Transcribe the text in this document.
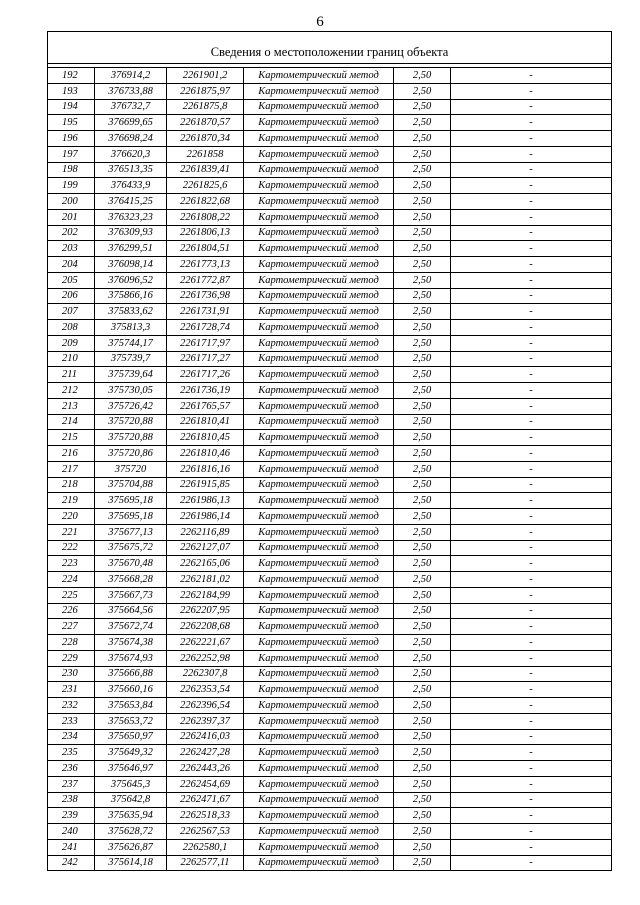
6
Сведения о местоположении границ объекта					

192	376914,2	2261901,2	Картометрический метод	2,50	-
193	376733,88	2261875,97	Картометрический метод	2,50	-
194	376732,7	2261875,8	Картометрический метод	2,50	-
195	376699,65	2261870,57	Картометрический метод	2,50	-
196	376698,24	2261870,34	Картометрический метод	2,50	-
197	376620,3	2261858	Картометрический метод	2,50	-
198	376513,35	2261839,41	Картометрический метод	2,50	-
199	376433,9	2261825,6	Картометрический метод	2,50	-
200	376415,25	2261822,68	Картометрический метод	2,50	-
201	376323,23	2261808,22	Картометрический метод	2,50	-
202	376309,93	2261806,13	Картометрический метод	2,50	-
203	376299,51	2261804,51	Картометрический метод	2,50	-
204	376098,14	2261773,13	Картометрический метод	2,50	-
205	376096,52	2261772,87	Картометрический метод	2,50	-
206	375866,16	2261736,98	Картометрический метод	2,50	-
207	375833,62	2261731,91	Картометрический метод	2,50	-
208	375813,3	2261728,74	Картометрический метод	2,50	-
209	375744,17	2261717,97	Картометрический метод	2,50	-
210	375739,7	2261717,27	Картометрический метод	2,50	-
211	375739,64	2261717,26	Картометрический метод	2,50	-
212	375730,05	2261736,19	Картометрический метод	2,50	-
213	375726,42	2261765,57	Картометрический метод	2,50	-
214	375720,88	2261810,41	Картометрический метод	2,50	-
215	375720,88	2261810,45	Картометрический метод	2,50	-
216	375720,86	2261810,46	Картометрический метод	2,50	-
217	375720	2261816,16	Картометрический метод	2,50	-
218	375704,88	2261915,85	Картометрический метод	2,50	-
219	375695,18	2261986,13	Картометрический метод	2,50	-
220	375695,18	2261986,14	Картометрический метод	2,50	-
221	375677,13	2262116,89	Картометрический метод	2,50	-
222	375675,72	2262127,07	Картометрический метод	2,50	-
223	375670,48	2262165,06	Картометрический метод	2,50	-
224	375668,28	2262181,02	Картометрический метод	2,50	-
225	375667,73	2262184,99	Картометрический метод	2,50	-
226	375664,56	2262207,95	Картометрический метод	2,50	-
227	375672,74	2262208,68	Картометрический метод	2,50	-
228	375674,38	2262221,67	Картометрический метод	2,50	-
229	375674,93	2262252,98	Картометрический метод	2,50	-
230	375666,88	2262307,8	Картометрический метод	2,50	-
231	375660,16	2262353,54	Картометрический метод	2,50	-
232	375653,84	2262396,54	Картометрический метод	2,50	-
233	375653,72	2262397,37	Картометрический метод	2,50	-
234	375650,97	2262416,03	Картометрический метод	2,50	-
235	375649,32	2262427,28	Картометрический метод	2,50	-
236	375646,97	2262443,26	Картометрический метод	2,50	-
237	375645,3	2262454,69	Картометрический метод	2,50	-
238	375642,8	2262471,67	Картометрический метод	2,50	-
239	375635,94	2262518,33	Картометрический метод	2,50	-
240	375628,72	2262567,53	Картометрический метод	2,50	-
241	375626,87	2262580,1	Картометрический метод	2,50	-
242	375614,18	2262577,11	Картометрический метод	2,50	-
